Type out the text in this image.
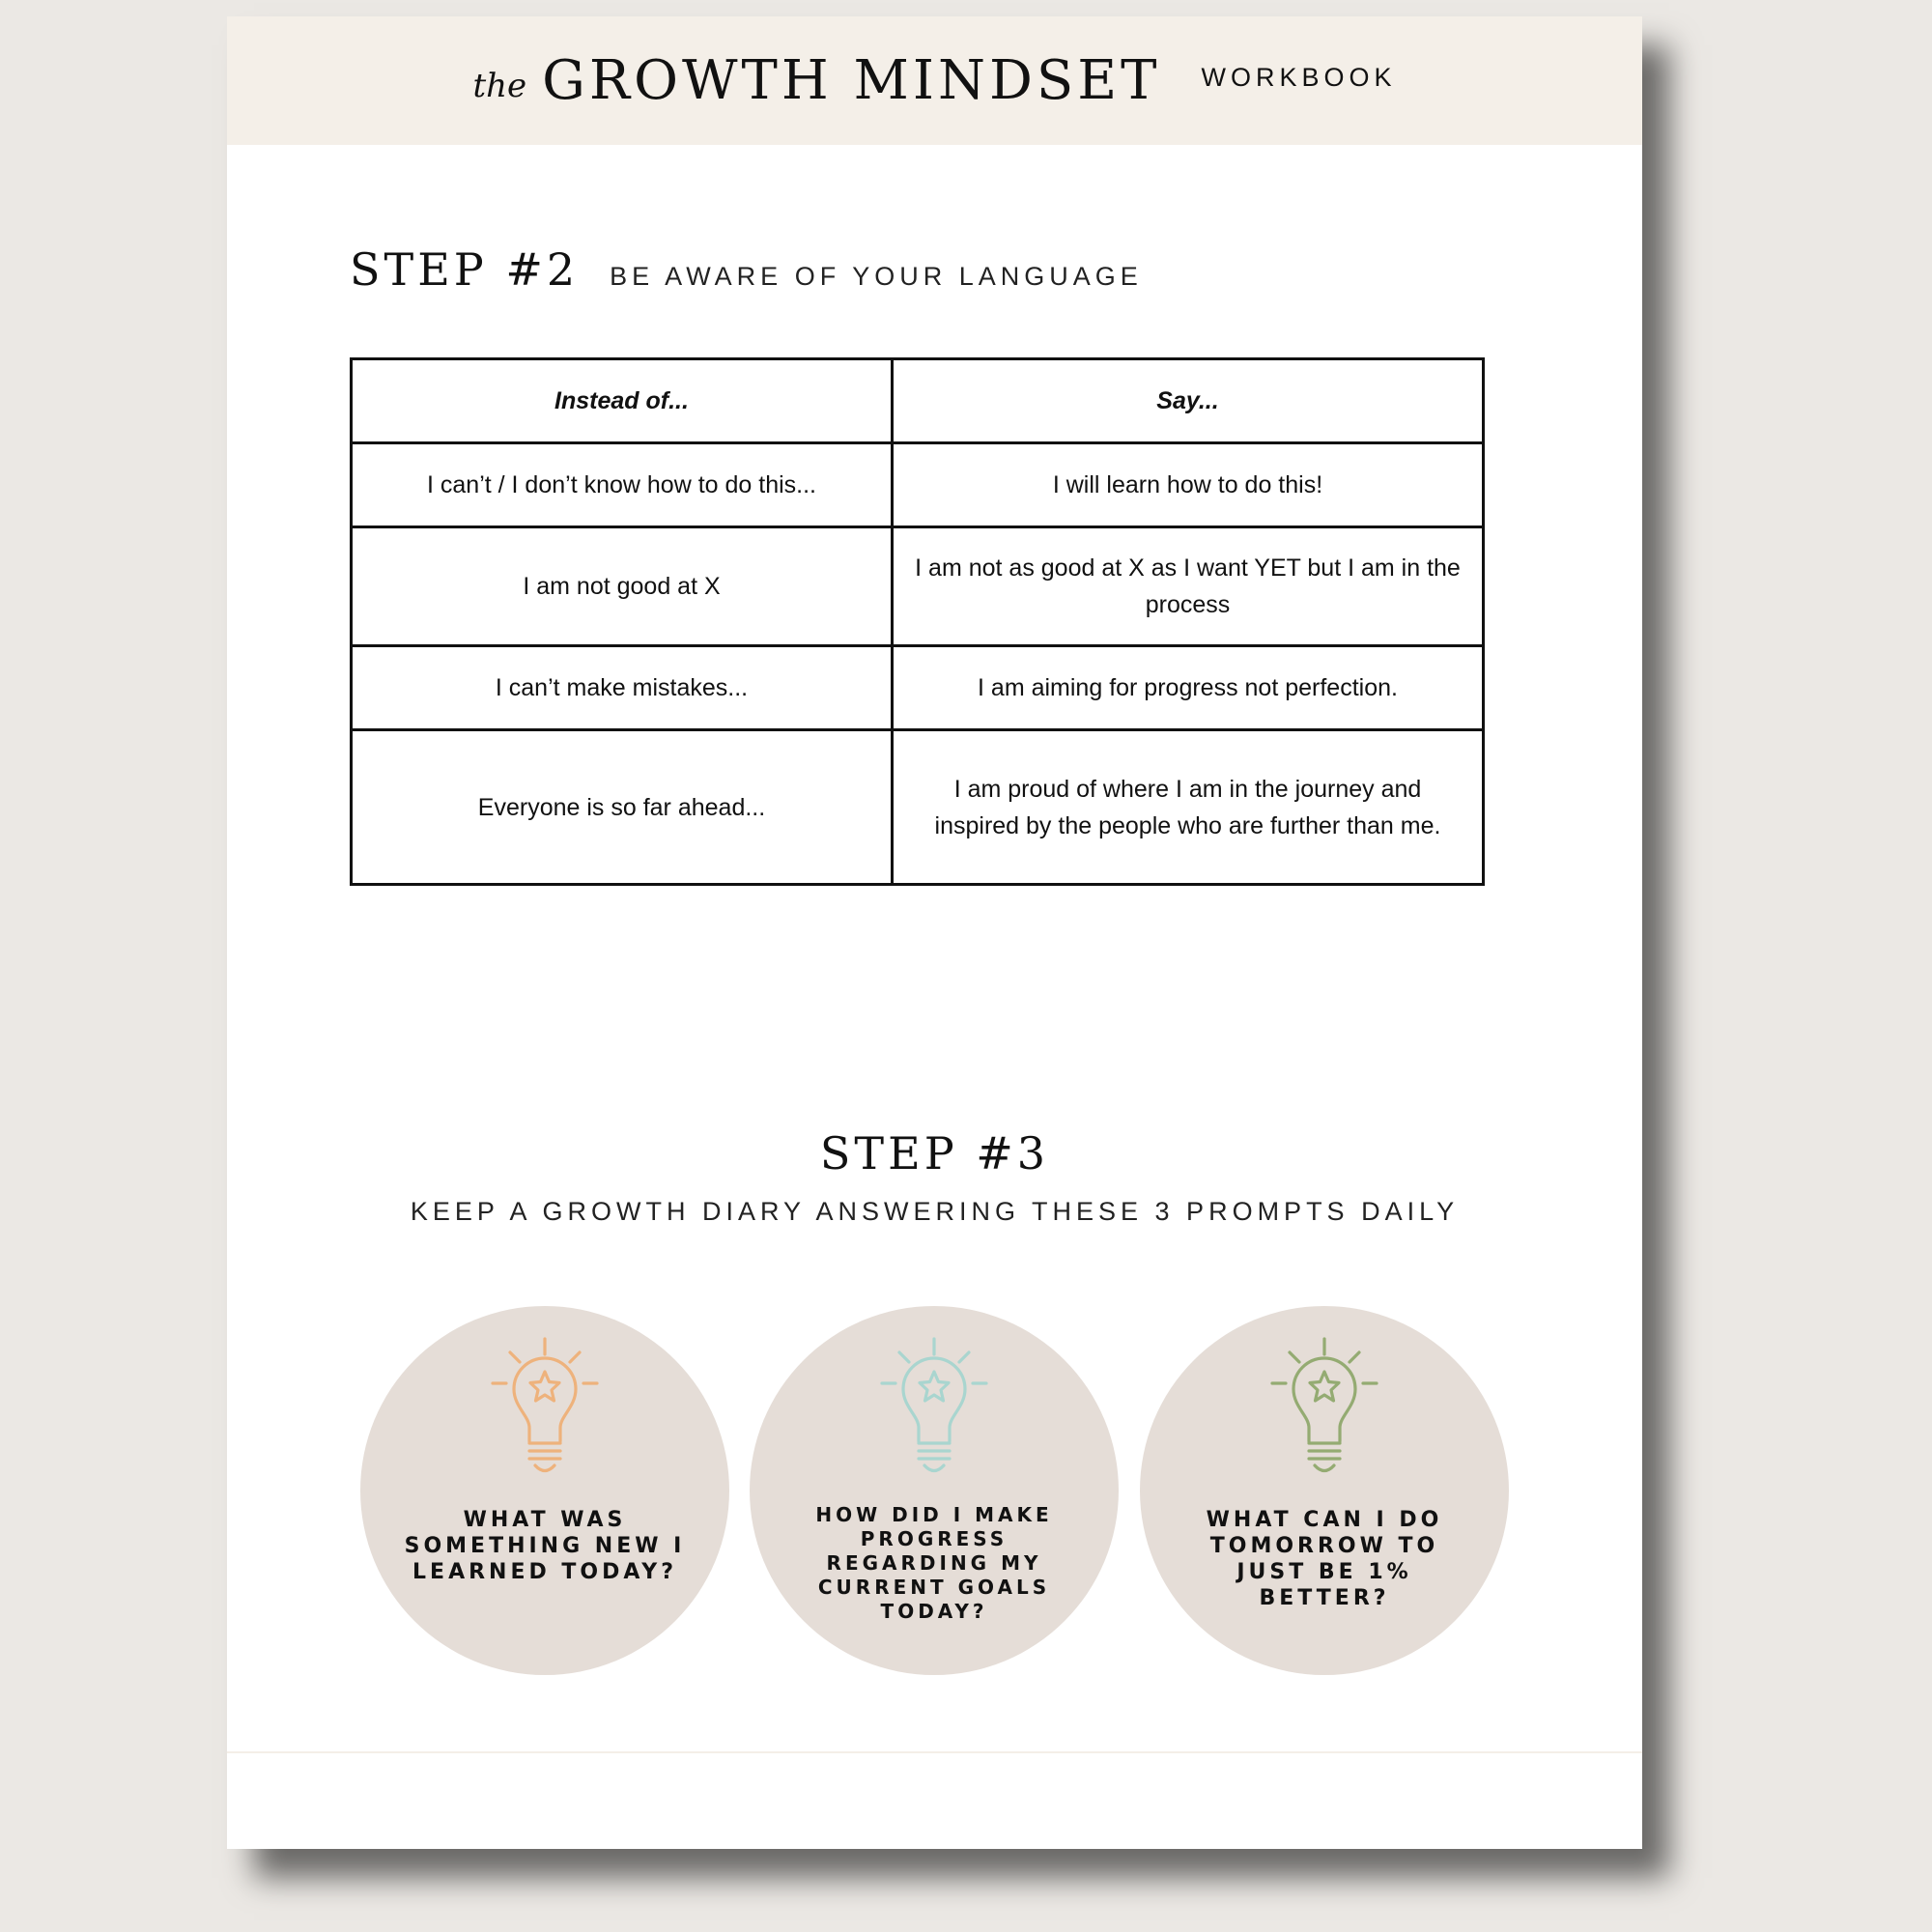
the GROWTH MINDSET WORKBOOK
STEP #2 BE AWARE OF YOUR LANGUAGE
Instead of...	Say...
I can’t / I don’t know how to do this...	I will learn how to do this!
I am not good at X	I am not as good at X as I want YET but I am in the process
I can’t make mistakes...	I am aiming for progress not perfection.
Everyone is so far ahead...	I am proud of where I am in the journey and inspired by the people who are further than me.
STEP #3
KEEP A GROWTH DIARY ANSWERING THESE 3 PROMPTS DAILY
WHAT WAS SOMETHING NEW I LEARNED TODAY?
HOW DID I MAKE PROGRESS REGARDING MY CURRENT GOALS TODAY?
WHAT CAN I DO TOMORROW TO JUST BE 1% BETTER?
